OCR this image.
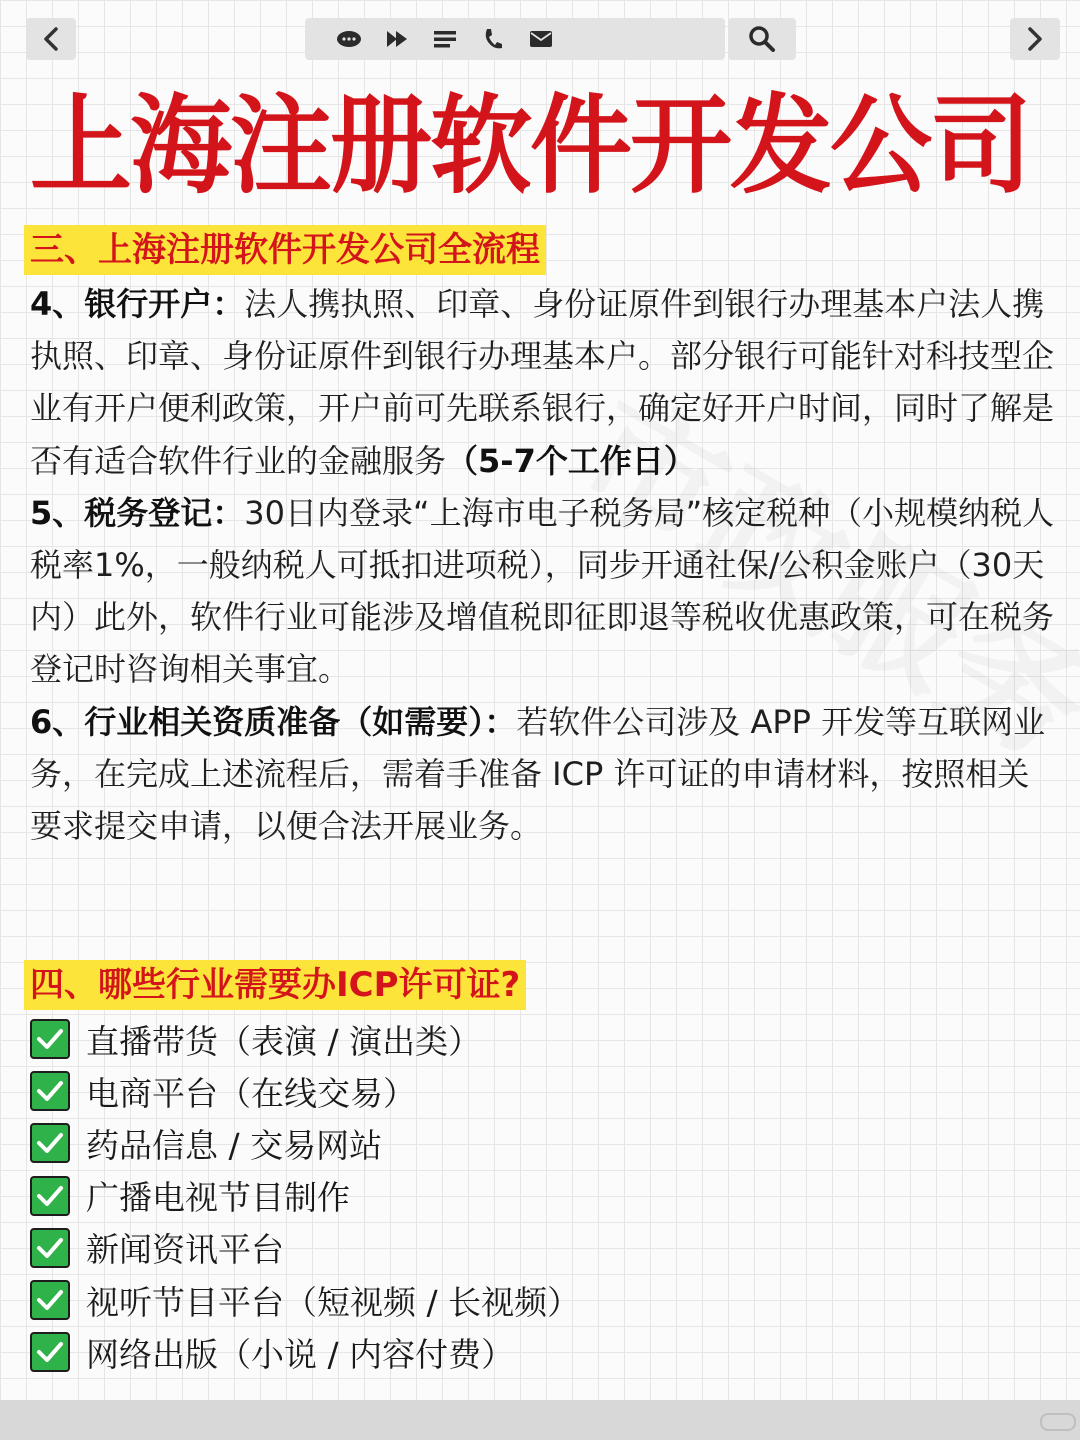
上海注册软件开发公司
三、上海注册软件开发公司全流程

4、银行开户：法人携执照、印章、身份证原件到银行办理基本户法人携执照、印章、身份证原件到银行办理基本户。部分银行可能针对科技型企业有开户便利政策，开户前可先联系银行，确定好开户时间，同时了解是否有适合软件行业的金融服务（5-7个工作日）

5、税务登记：30日内登录“上海市电子税务局”核定税种（小规模纳税人税率1%，一般纳税人可抵扣进项税），同步开通社保/公积金账户（30天内）此外，软件行业可能涉及增值税即征即退等税收优惠政策，可在税务登记时咨询相关事宜。

6、行业相关资质准备（如需要）：若软件公司涉及 APP 开发等互联网业务，在完成上述流程后，需着手准备 ICP 许可证的申请材料，按照相关要求提交申请，以便合法开展业务。

四、哪些行业需要办ICP许可证?
直播带货（表演 / 演出类）
电商平台（在线交易）
药品信息 / 交易网站
广播电视节目制作
新闻资讯平台
视听节目平台（短视频 / 长视频）
网络出版（小说 / 内容付费）
